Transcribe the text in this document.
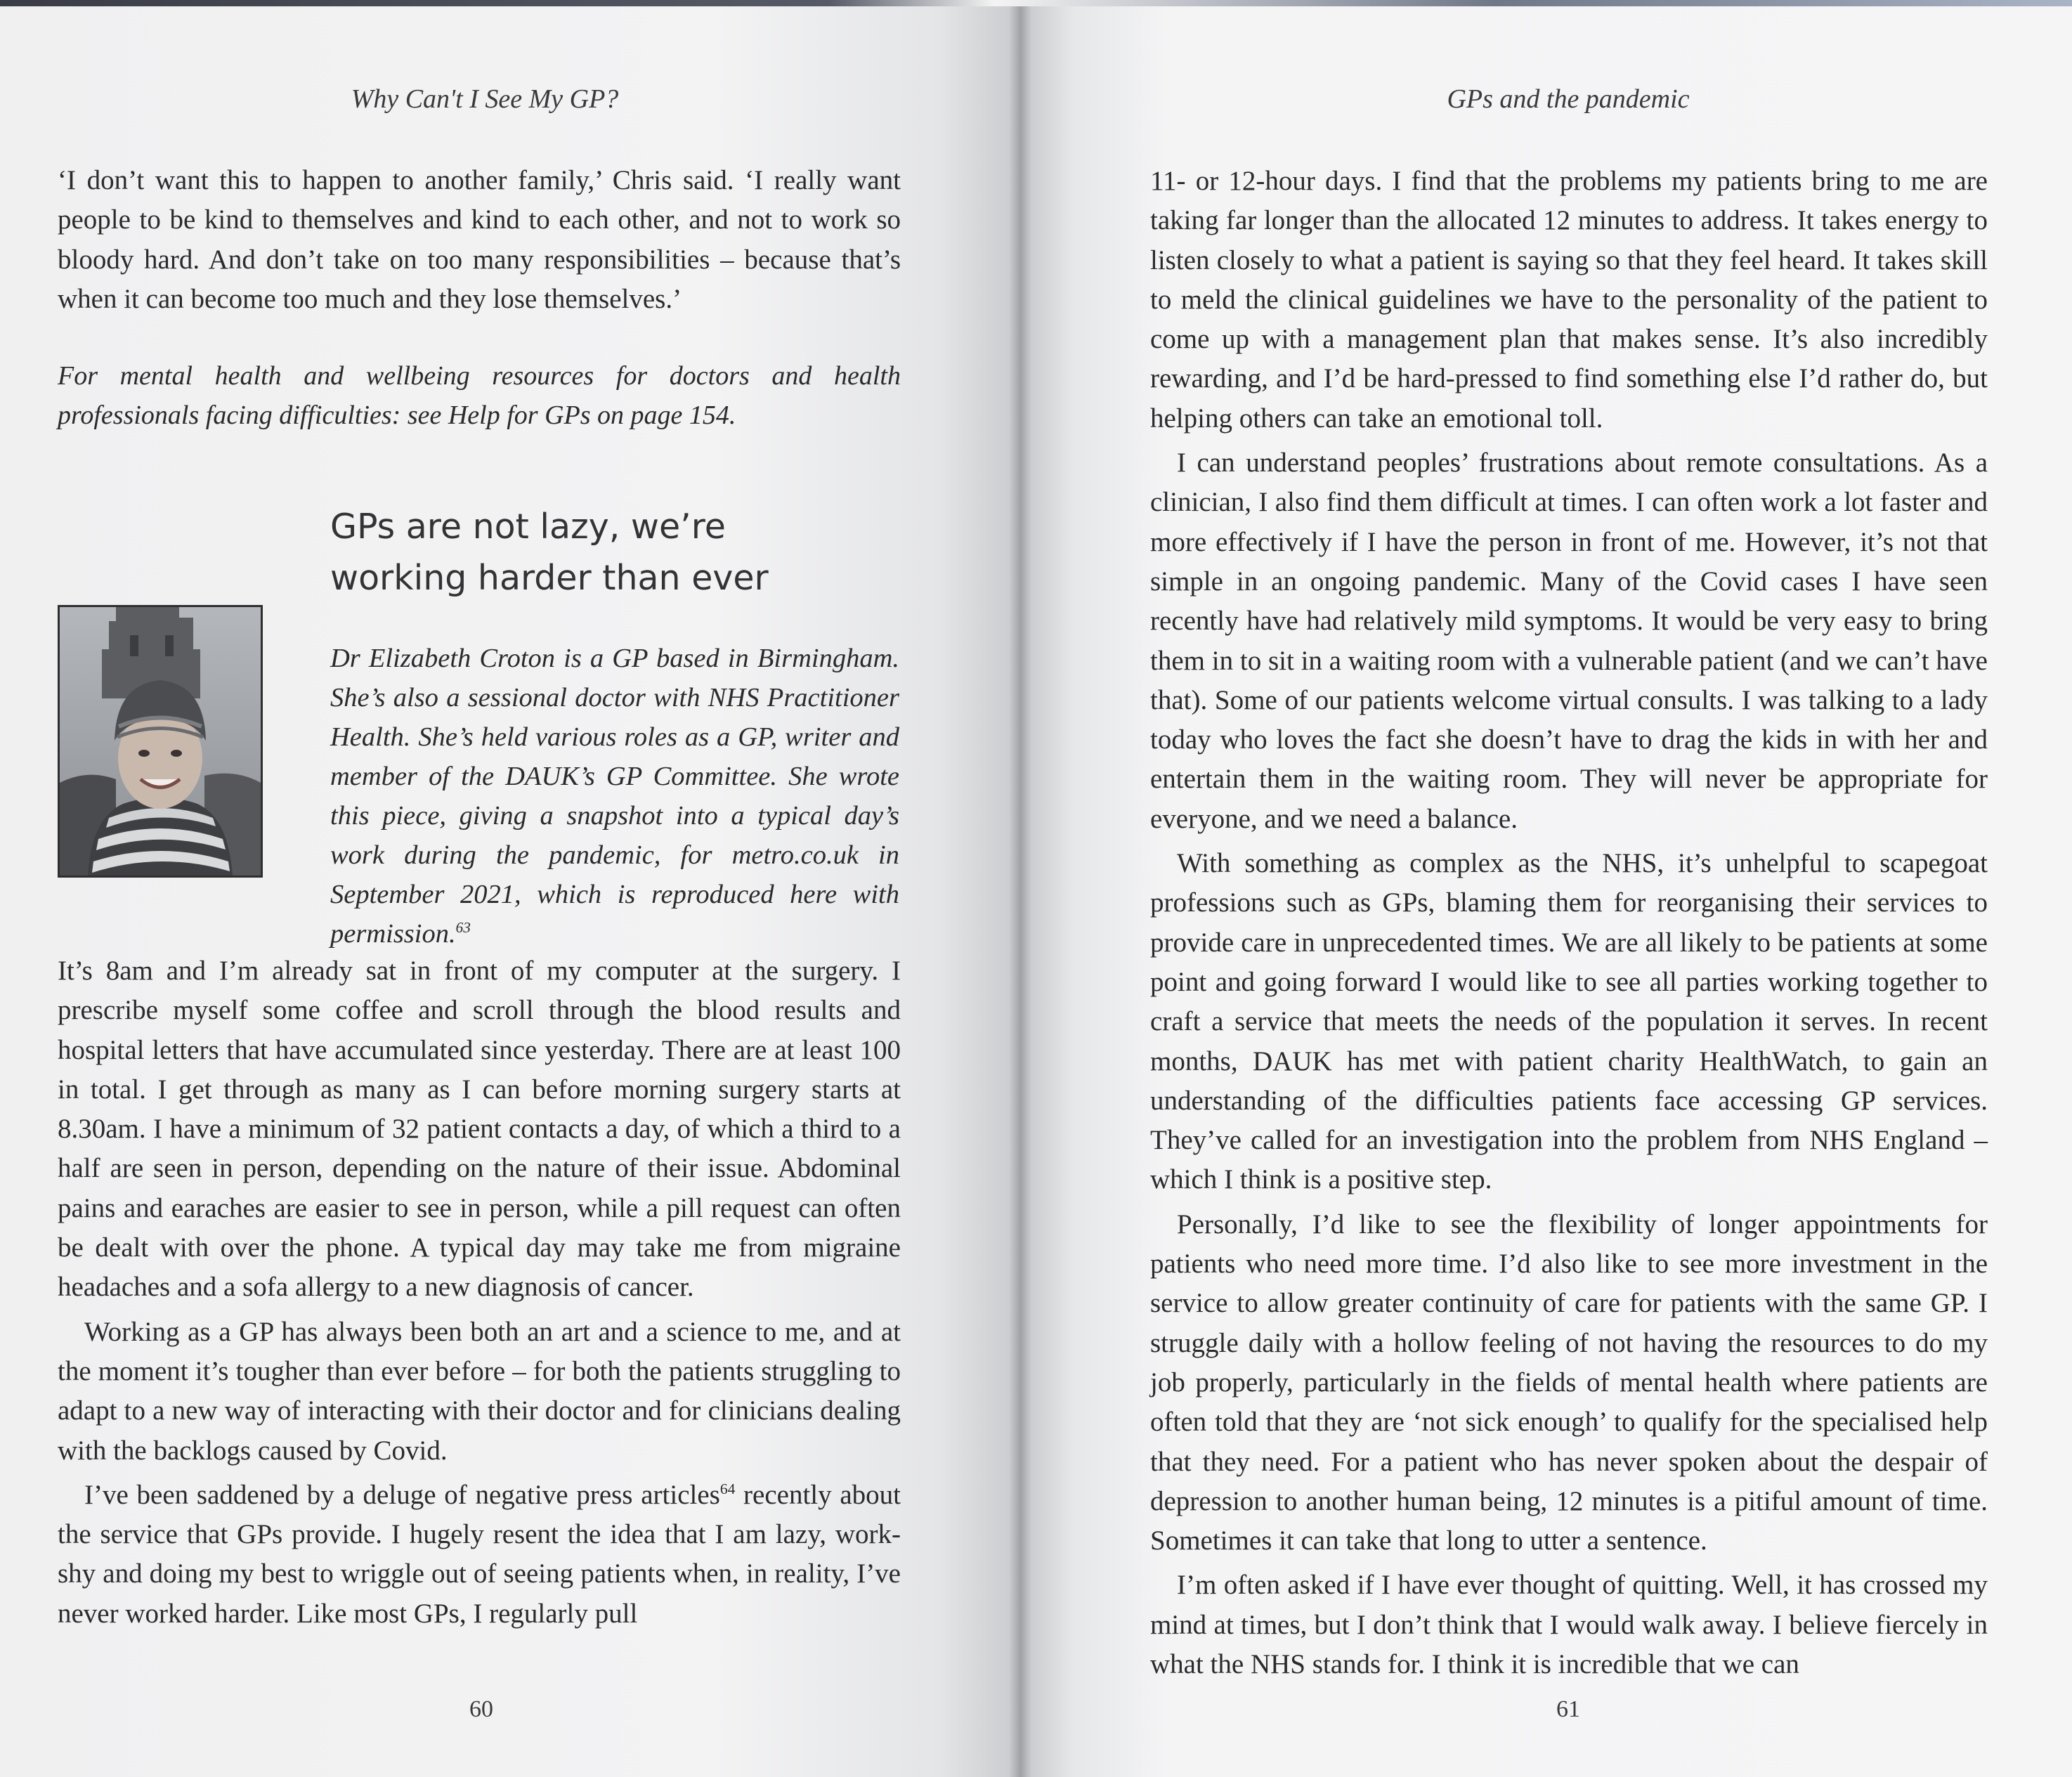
Why Can't I See My GP?

‘I don’t want this to happen to another family,’ Chris said. ‘I really want people to be kind to themselves and kind to each other, and not to work so bloody hard. And don’t take on too many responsibilities – because that’s when it can become too much and they lose themselves.’

For mental health and wellbeing resources for doctors and health professionals facing difficulties: see Help for GPs on page 154.

GPs are not lazy, we’re
working harder than ever

Dr Elizabeth Croton is a GP based in Birmingham. She’s also a sessional doctor with NHS Practitioner Health. She’s held various roles as a GP, writer and member of the DAUK’s GP Committee. She wrote this piece, giving a snapshot into a typical day’s work during the pandemic, for metro.co.uk in September 2021, which is reproduced here with permission.$^{63}$

It’s 8am and I’m already sat in front of my computer at the surgery. I prescribe myself some coffee and scroll through the blood results and hospital letters that have accumulated since yesterday. There are at least 100 in total. I get through as many as I can before morning surgery starts at 8.30am. I have a minimum of 32 patient contacts a day, of which a third to a half are seen in person, depending on the nature of their issue. Abdominal pains and earaches are easier to see in person, while a pill request can often be dealt with over the phone. A typical day may take me from migraine headaches and a sofa allergy to a new diagnosis of cancer.

Working as a GP has always been both an art and a science to me, and at the moment it’s tougher than ever before – for both the patients struggling to adapt to a new way of interacting with their doctor and for clinicians dealing with the backlogs caused by Covid.

I’ve been saddened by a deluge of negative press articles$^{64}$ recently about the service that GPs provide. I hugely resent the idea that I am lazy, work-shy and doing my best to wriggle out of seeing patients when, in reality, I’ve never worked harder. Like most GPs, I regularly pull

60

GPs and the pandemic

11- or 12-hour days. I find that the problems my patients bring to me are taking far longer than the allocated 12 minutes to address. It takes energy to listen closely to what a patient is saying so that they feel heard. It takes skill to meld the clinical guidelines we have to the personality of the patient to come up with a management plan that makes sense. It’s also incredibly rewarding, and I’d be hard-pressed to find something else I’d rather do, but helping others can take an emotional toll.

I can understand peoples’ frustrations about remote consultations. As a clinician, I also find them difficult at times. I can often work a lot faster and more effectively if I have the person in front of me. However, it’s not that simple in an ongoing pandemic. Many of the Covid cases I have seen recently have had relatively mild symptoms. It would be very easy to bring them in to sit in a waiting room with a vulnerable patient (and we can’t have that). Some of our patients welcome virtual consults. I was talking to a lady today who loves the fact she doesn’t have to drag the kids in with her and entertain them in the waiting room. They will never be appropriate for everyone, and we need a balance.

With something as complex as the NHS, it’s unhelpful to scapegoat professions such as GPs, blaming them for reorganising their services to provide care in unprecedented times. We are all likely to be patients at some point and going forward I would like to see all parties working together to craft a service that meets the needs of the population it serves. In recent months, DAUK has met with patient charity HealthWatch, to gain an understanding of the difficulties patients face accessing GP services. They’ve called for an investigation into the problem from NHS England – which I think is a positive step.

Personally, I’d like to see the flexibility of longer appointments for patients who need more time. I’d also like to see more investment in the service to allow greater continuity of care for patients with the same GP. I struggle daily with a hollow feeling of not having the resources to do my job properly, particularly in the fields of mental health where patients are often told that they are ‘not sick enough’ to qualify for the specialised help that they need. For a patient who has never spoken about the despair of depression to another human being, 12 minutes is a pitiful amount of time. Sometimes it can take that long to utter a sentence.

I’m often asked if I have ever thought of quitting. Well, it has crossed my mind at times, but I don’t think that I would walk away. I believe fiercely in what the NHS stands for. I think it is incredible that we can

61
